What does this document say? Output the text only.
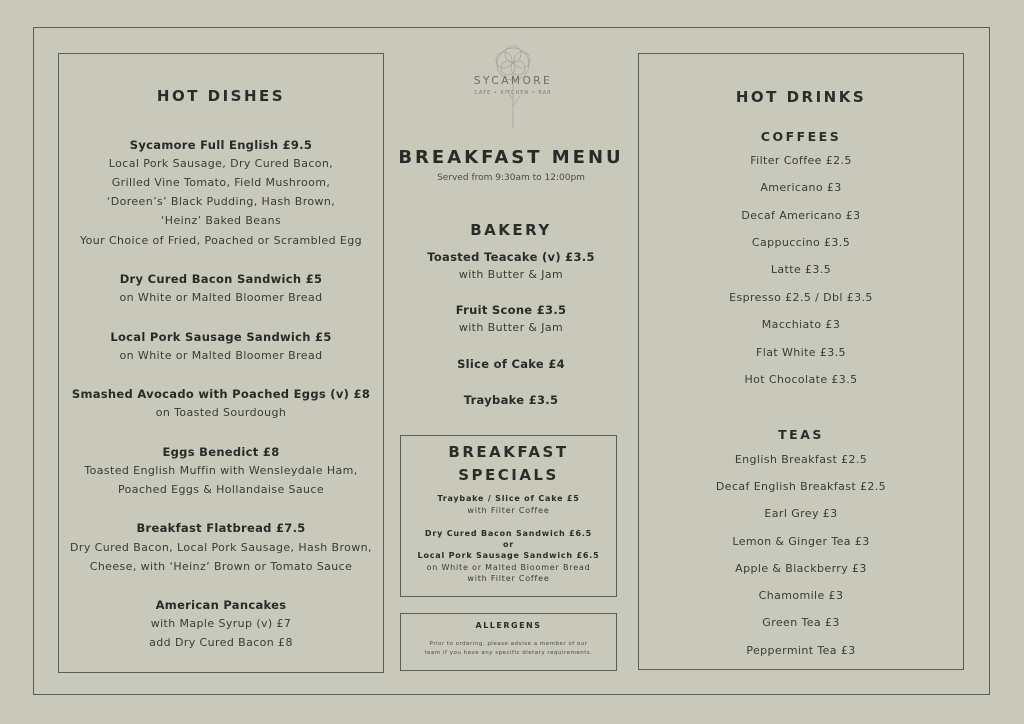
SYCAMORE
CAFE • KITCHEN • BAR
BREAKFAST MENU
Served from 9:30am to 12:00pm
BAKERY
Toasted Teacake (v) £3.5
with Butter & Jam
Fruit Scone £3.5
with Butter & Jam
Slice of Cake £4
Traybake £3.5
BREAKFAST
SPECIALS
Traybake / Slice of Cake £5
with Filter Coffee
Dry Cured Bacon Sandwich £6.5
or
Local Pork Sausage Sandwich £6.5
on White or Malted Bloomer Bread
with Filter Coffee
ALLERGENS
Prior to ordering, please advise a member of our
team if you have any specific dietary requirements.
HOT DISHES
Sycamore Full English £9.5
Local Pork Sausage, Dry Cured Bacon,
Grilled Vine Tomato, Field Mushroom,
‘Doreen’s’ Black Pudding, Hash Brown,
‘Heinz’ Baked Beans
Your Choice of Fried, Poached or Scrambled Egg
Dry Cured Bacon Sandwich £5
on White or Malted Bloomer Bread
Local Pork Sausage Sandwich £5
on White or Malted Bloomer Bread
Smashed Avocado with Poached Eggs (v) £8
on Toasted Sourdough
Eggs Benedict £8
Toasted English Muffin with Wensleydale Ham,
Poached Eggs & Hollandaise Sauce
Breakfast Flatbread £7.5
Dry Cured Bacon, Local Pork Sausage, Hash Brown,
Cheese, with ‘Heinz’ Brown or Tomato Sauce
American Pancakes
with Maple Syrup (v) £7
add Dry Cured Bacon £8
HOT DRINKS
COFFEES
Filter Coffee £2.5
Americano £3
Decaf Americano £3
Cappuccino £3.5
Latte £3.5
Espresso £2.5 / Dbl £3.5
Macchiato £3
Flat White £3.5
Hot Chocolate £3.5
TEAS
English Breakfast £2.5
Decaf English Breakfast £2.5
Earl Grey £3
Lemon & Ginger Tea £3
Apple & Blackberry £3
Chamomile £3
Green Tea £3
Peppermint Tea £3
